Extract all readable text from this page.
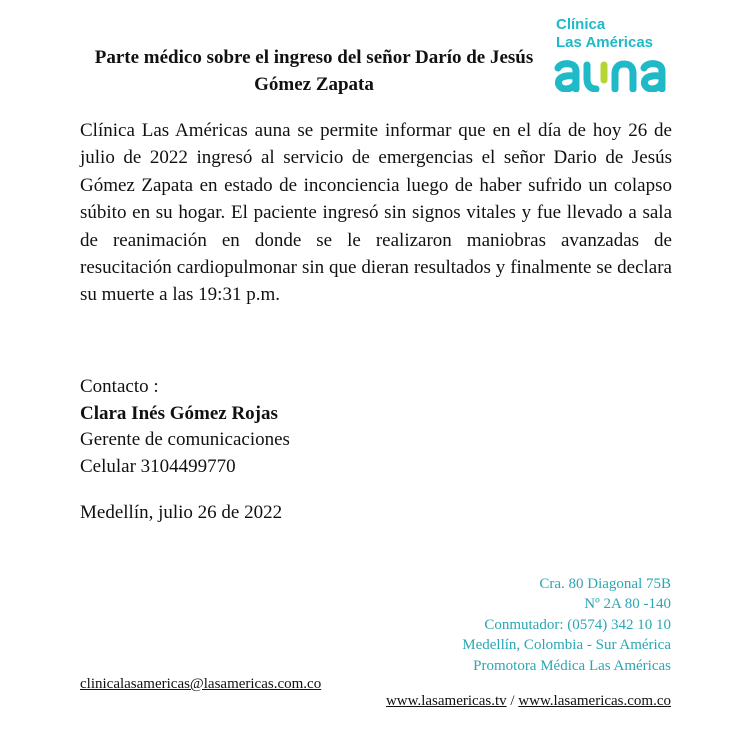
Parte médico sobre el ingreso del señor Darío de Jesús Gómez Zapata
Clínica
Las Américas

Clínica Las Américas auna se permite informar que en el día de hoy 26 de julio de 2022 ingresó al servicio de emergencias el señor Dario de Jesús Gómez Zapata en estado de inconciencia luego de haber sufrido un colapso súbito en su hogar. El paciente ingresó sin signos vitales y fue llevado a sala de reanimación en donde se le realizaron maniobras avanzadas de resucitación cardiopulmonar sin que dieran resultados y finalmente se declara su muerte a las 19:31 p.m.

Contacto :
Clara Inés Gómez Rojas
Gerente de comunicaciones
Celular 3104499770
Medellín, julio 26 de 2022
Cra. 80 Diagonal 75B
Nº 2A 80 -140
Conmutador: (0574) 342 10 10
Medellín, Colombia - Sur América
Promotora Médica Las Américas
clinicalasamericas@lasamericas.com.co
www.lasamericas.tv / www.lasamericas.com.co
